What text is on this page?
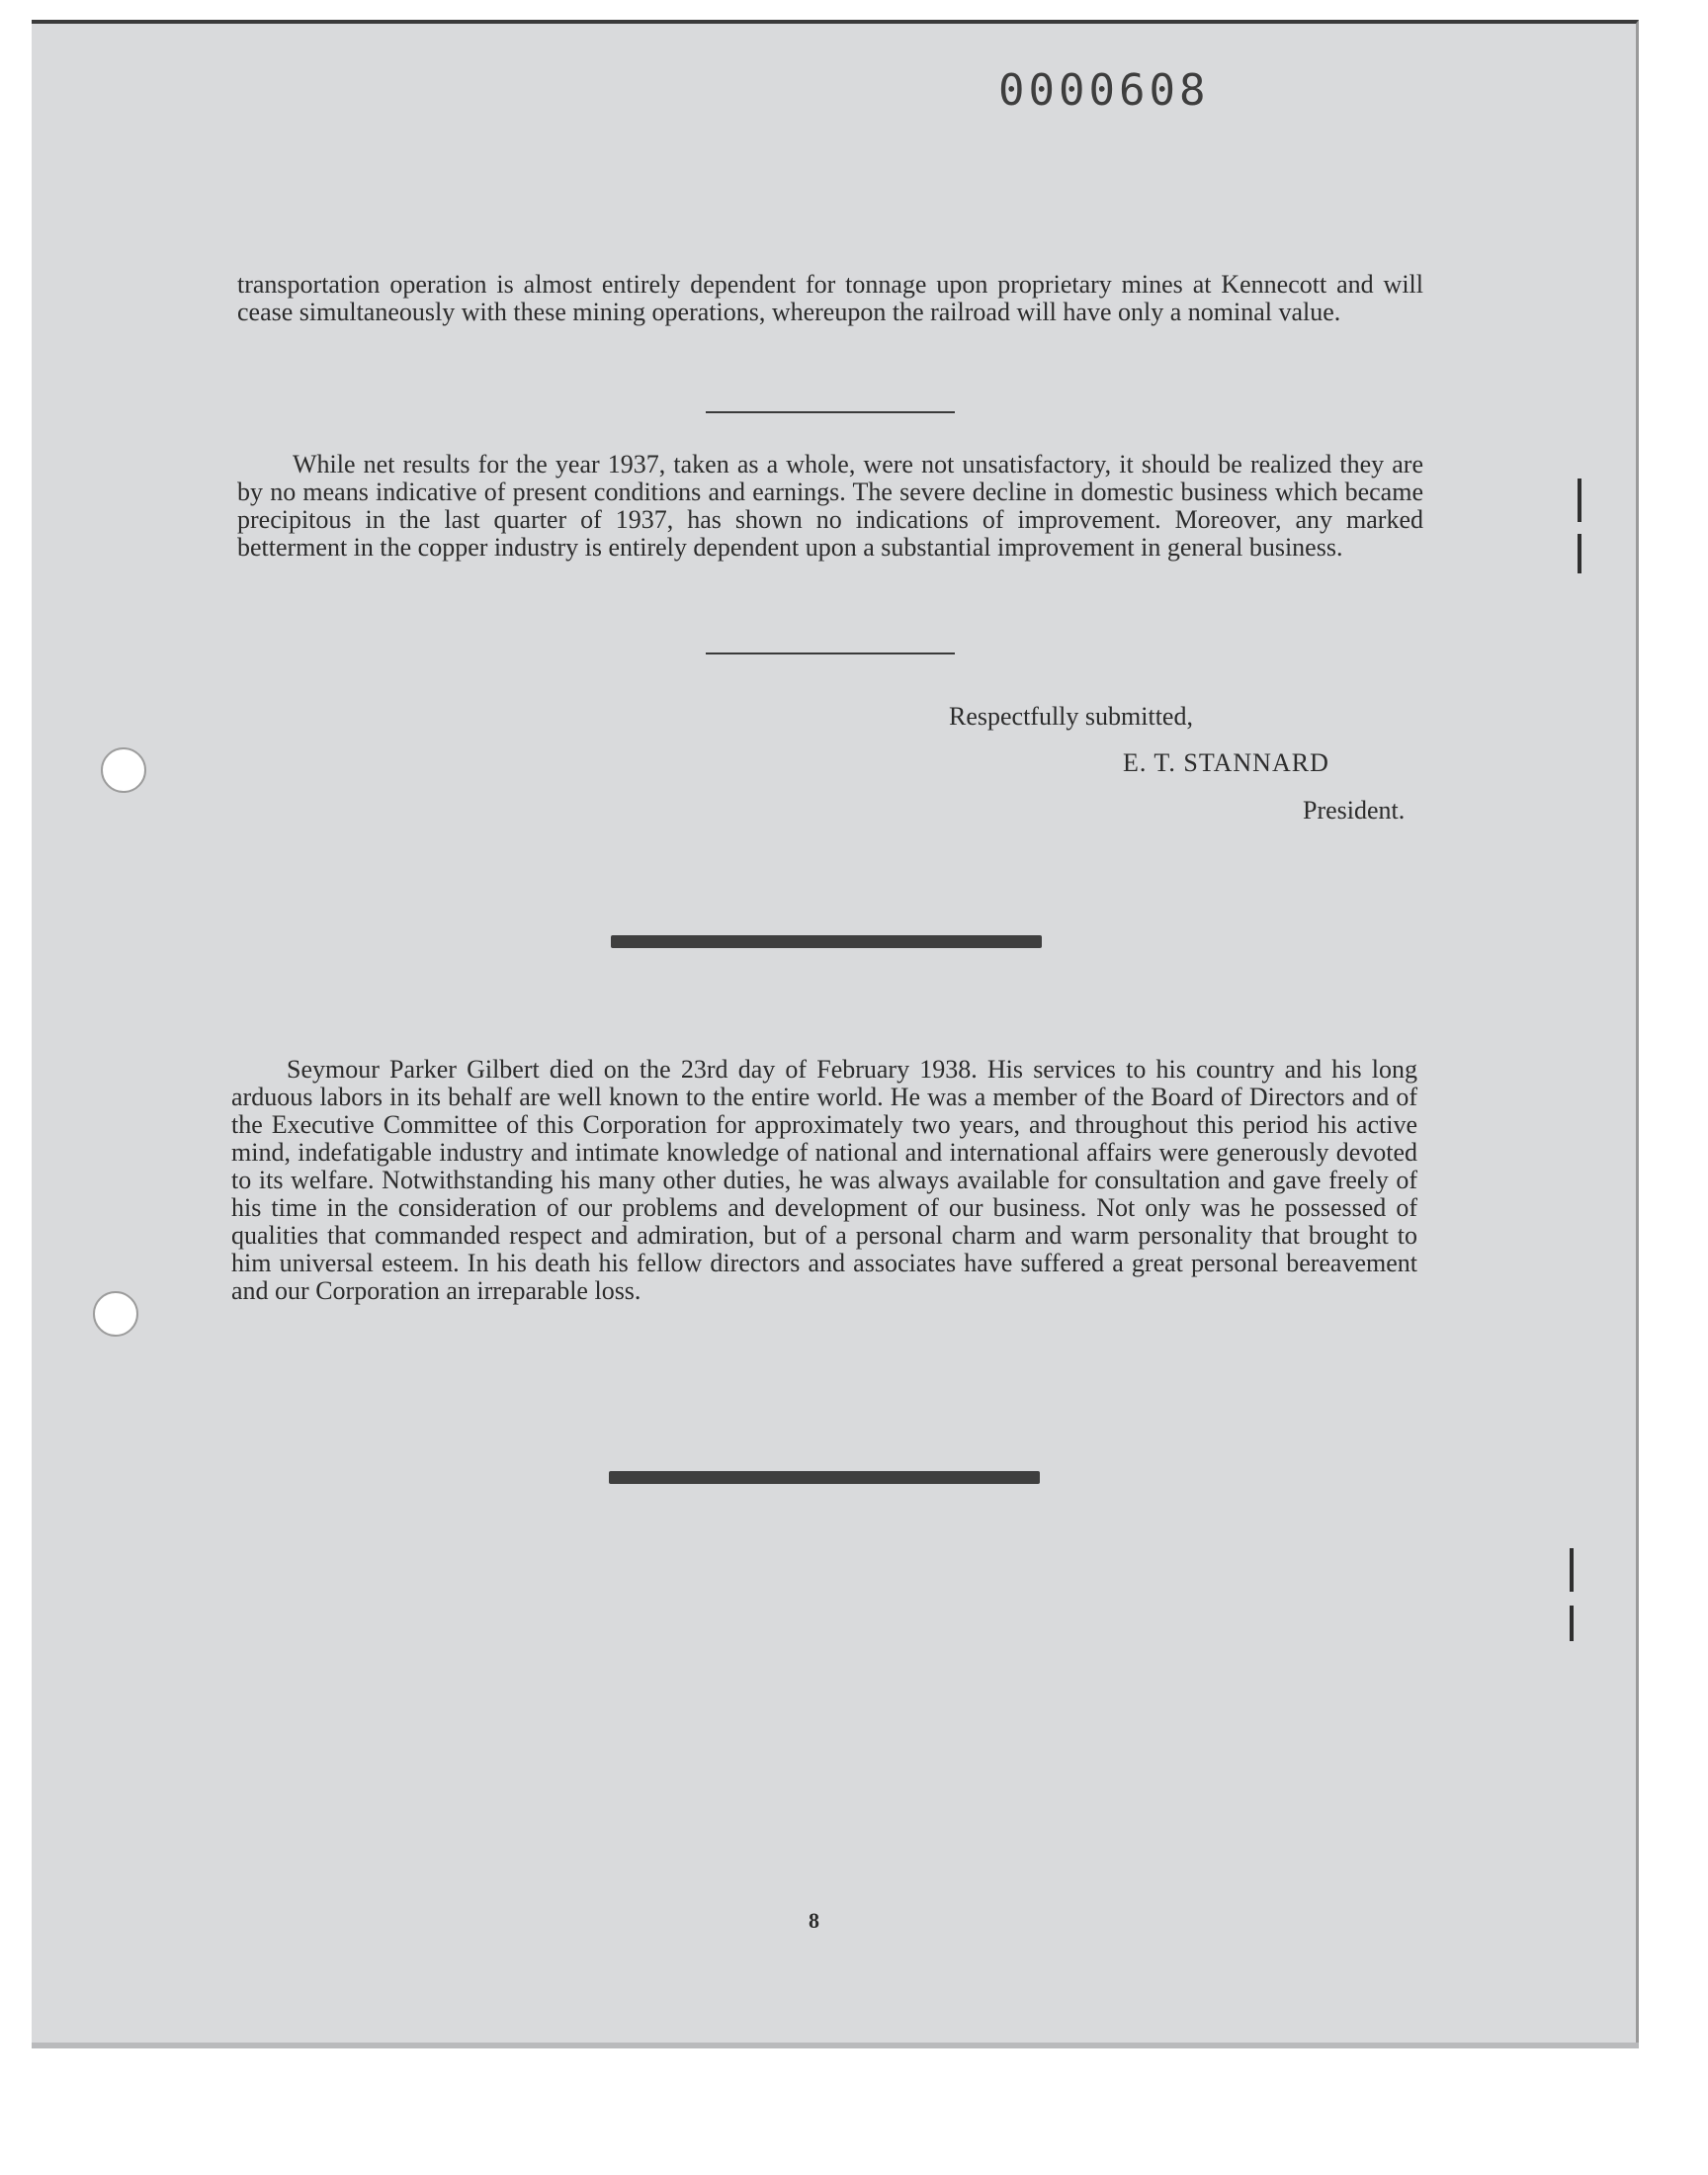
0000608

transportation operation is almost entirely dependent for tonnage upon proprietary mines at Kennecott and will cease simultaneously with these mining operations, whereupon the railroad will have only a nominal value.

While net results for the year 1937, taken as a whole, were not unsatisfactory, it should be realized they are by no means indicative of present conditions and earnings. The severe decline in domestic business which became precipitous in the last quarter of 1937, has shown no indications of improvement. Moreover, any marked betterment in the copper industry is entirely dependent upon a substantial improvement in general business.

Respectfully submitted,
E. T. STANNARD
President.

Seymour Parker Gilbert died on the 23rd day of February 1938. His services to his country and his long arduous labors in its behalf are well known to the entire world. He was a member of the Board of Directors and of the Executive Committee of this Corporation for approximately two years, and throughout this period his active mind, indefatigable industry and intimate knowledge of national and international affairs were generously devoted to its welfare. Notwithstanding his many other duties, he was always available for consultation and gave freely of his time in the consideration of our problems and development of our business. Not only was he possessed of qualities that commanded respect and admiration, but of a personal charm and warm personality that brought to him universal esteem. In his death his fellow directors and associates have suffered a great personal bereavement and our Corporation an irreparable loss.

8
